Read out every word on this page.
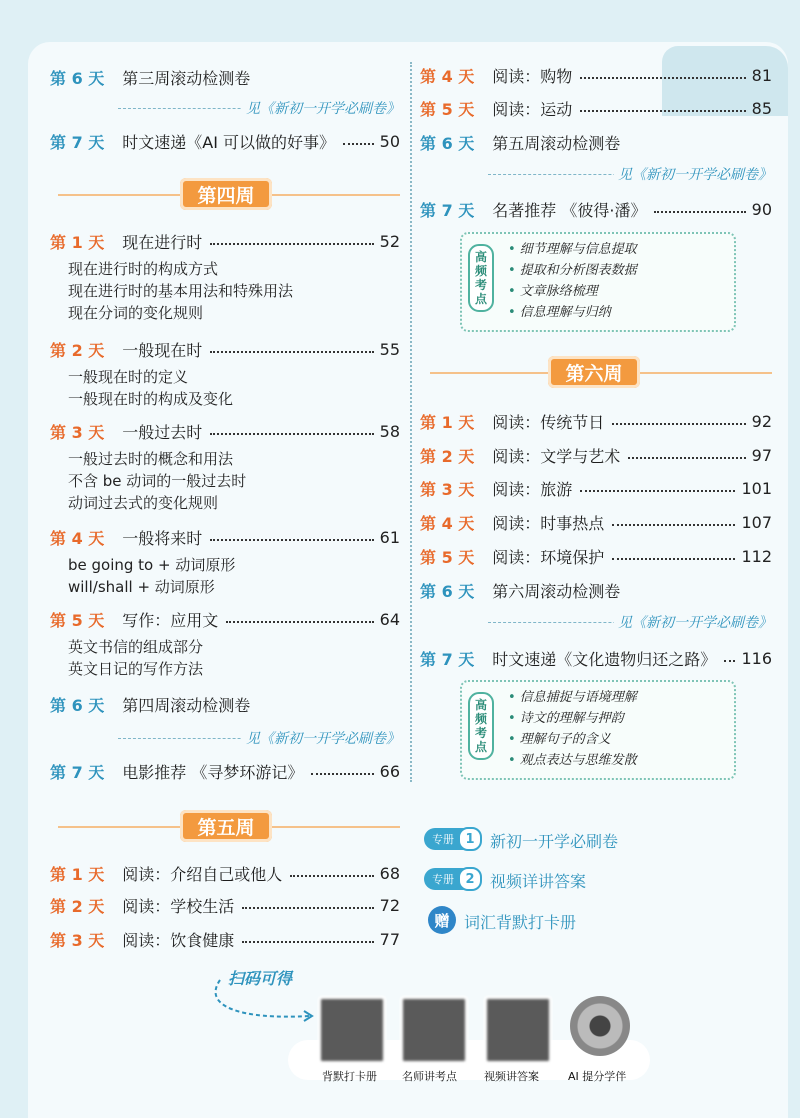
第 6 天 第三周滚动检测卷
见《新初一开学必刷卷》
第 7 天 时文速递《AI 可以做的好事》	50
第四周
第 1 天 现在进行时	52
现在进行时的构成方式
现在进行时的基本用法和特殊用法
现在分词的变化规则
第 2 天 一般现在时	55
一般现在时的定义
一般现在时的构成及变化
第 3 天 一般过去时	58
一般过去时的概念和用法
不含 be 动词的一般过去时
动词过去式的变化规则
第 4 天 一般将来时	61
be going to + 动词原形
will/shall + 动词原形
第 5 天 写作：应用文	64
英文书信的组成部分
英文日记的写作方法
第 6 天 第四周滚动检测卷
第 7 天 电影推荐 《寻梦环游记》	66
见《新初一开学必刷卷》
第五周
第 1 天 阅读：介绍自己或他人	68
第 2 天 阅读：学校生活	72
第 3 天 阅读：饮食健康	77
第 4 天 阅读：购物	81
第 5 天 阅读：运动	85
第 6 天 第五周滚动检测卷
见《新初一开学必刷卷》
第 7 天 名著推荐 《彼得·潘》	90
高
频
考
点
• 细节理解与信息提取
• 提取和分析图表数据
• 文章脉络梳理
• 信息理解与归纳
第六周
第 1 天 阅读：传统节日	92
第 2 天 阅读：文学与艺术	97
第 3 天 阅读：旅游	101
第 4 天 阅读：时事热点	107
第 5 天 阅读：环境保护	112
第 6 天 第六周滚动检测卷
第 7 天 时文速递《文化遗物归还之路》 116
见《新初一开学必刷卷》
高
频
考
点
• 信息捕捉与语境理解
• 诗文的理解与押韵
• 理解句子的含义
• 观点表达与思维发散
专册 1 新初一开学必刷卷
专册 2 视频详讲答案
赠 词汇背默打卡册
扫码可得
背默打卡册 名师讲考点 视频讲答案	AI 提分学伴
